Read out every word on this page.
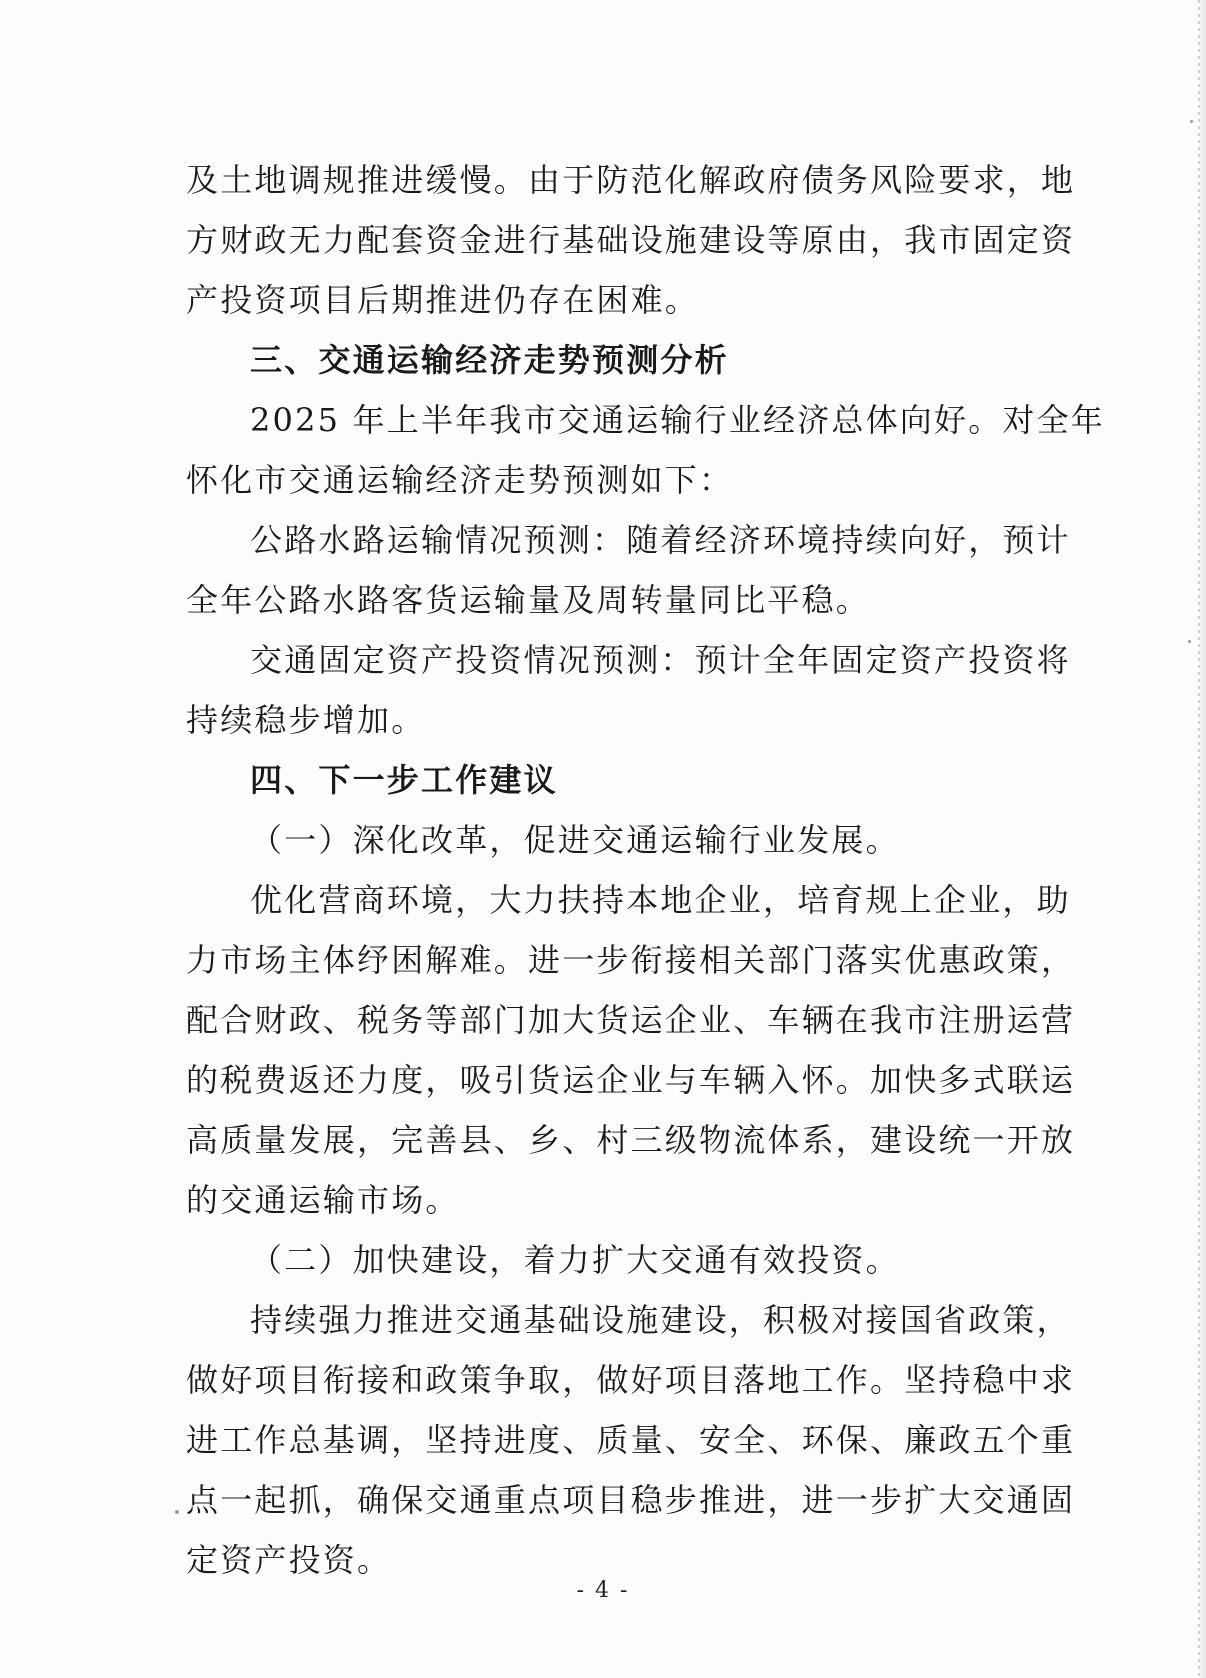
及土地调规推进缓慢。由于防范化解政府债务风险要求，地

方财政无力配套资金进行基础设施建设等原由，我市固定资

产投资项目后期推进仍存在困难。

三、交通运输经济走势预测分析

2025 年上半年我市交通运输行业经济总体向好。对全年

怀化市交通运输经济走势预测如下：

公路水路运输情况预测：随着经济环境持续向好，预计

全年公路水路客货运输量及周转量同比平稳。

交通固定资产投资情况预测：预计全年固定资产投资将

持续稳步增加。

四、下一步工作建议

（一）深化改革，促进交通运输行业发展。

优化营商环境，大力扶持本地企业，培育规上企业，助

力市场主体纾困解难。进一步衔接相关部门落实优惠政策，

配合财政、税务等部门加大货运企业、车辆在我市注册运营

的税费返还力度，吸引货运企业与车辆入怀。加快多式联运

高质量发展，完善县、乡、村三级物流体系，建设统一开放

的交通运输市场。

（二）加快建设，着力扩大交通有效投资。

持续强力推进交通基础设施建设，积极对接国省政策，

做好项目衔接和政策争取，做好项目落地工作。坚持稳中求

进工作总基调，坚持进度、质量、安全、环保、廉政五个重

点一起抓，确保交通重点项目稳步推进，进一步扩大交通固

定资产投资。

- 4 -
